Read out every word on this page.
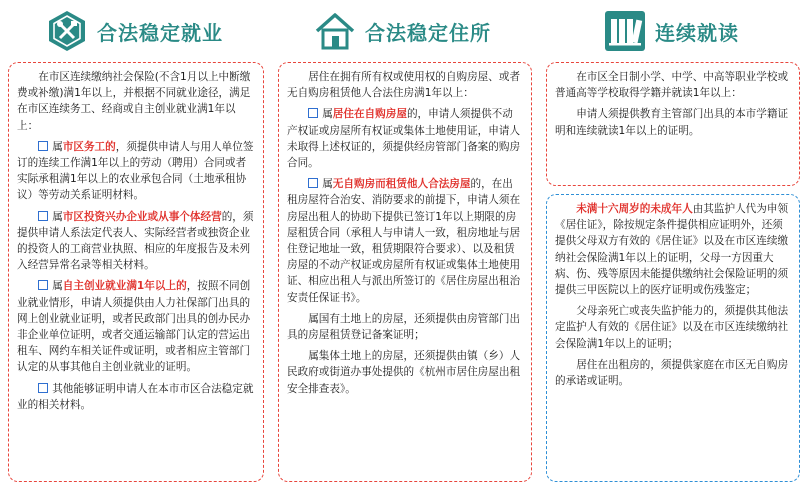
合法稳定就业

在市区连续缴纳社会保险(不含1月以上中断缴费或补缴)满1年以上，并根据不同就业途径，满足在市区连续务工、经商或自主创业就业满1年以上：

属市区务工的，须提供申请人与用人单位签订的连续工作满1年以上的劳动（聘用）合同或者实际承租满1年以上的农业承包合同（土地承租协议）等劳动关系证明材料。

属市区投资兴办企业或从事个体经营的，须提供申请人系法定代表人、实际经营者或独资企业的投资人的工商营业执照、相应的年度报告及未列入经营异常名录等相关材料。

属自主创业就业满1年以上的，按照不同创业就业情形，申请人须提供由人力社保部门出具的网上创业就业证明，或者民政部门出具的创办民办非企业单位证明，或者交通运输部门认定的营运出租车、网约车相关证件或证明，或者相应主管部门认定的从事其他自主创业就业的证明。

其他能够证明申请人在本市市区合法稳定就业的相关材料。

合法稳定住所

居住在拥有所有权或使用权的自购房屋、或者无自购房租赁他人合法住房满1年以上：

属居住在自购房屋的，申请人须提供不动产权证或房屋所有权证或集体土地使用证，申请人未取得上述权证的，须提供经房管部门备案的购房合同。

属无自购房而租赁他人合法房屋的，在出租房屋符合治安、消防要求的前提下，申请人须在房屋出租人的协助下提供已签订1年以上期限的房屋租赁合同（承租人与申请人一致，租房地址与居住登记地址一致，租赁期限符合要求）、以及租赁房屋的不动产权证或房屋所有权证或集体土地使用证、相应出租人与派出所签订的《居住房屋出租治安责任保证书》。

属国有土地上的房屋，还须提供由房管部门出具的房屋租赁登记备案证明；

属集体土地上的房屋，还须提供由镇（乡）人民政府或街道办事处提供的《杭州市居住房屋出租安全排查表》。

连续就读

在市区全日制小学、中学、中高等职业学校或普通高等学校取得学籍并就读1年以上：

申请人须提供教育主管部门出具的本市学籍证明和连续就读1年以上的证明。

未满十六周岁的未成年人由其监护人代为申领《居住证》，除按规定条件提供相应证明外，还须提供父母双方有效的《居住证》以及在市区连续缴纳社会保险满1年以上的证明，父母一方因重大病、伤、残等原因未能提供缴纳社会保险证明的须提供三甲医院以上的医疗证明或伤残鉴定；

父母亲死亡或丧失监护能力的，须提供其他法定监护人有效的《居住证》以及在市区连续缴纳社会保险满1年以上的证明；

居住在出租房的，须提供家庭在市区无自购房的承诺或证明。
